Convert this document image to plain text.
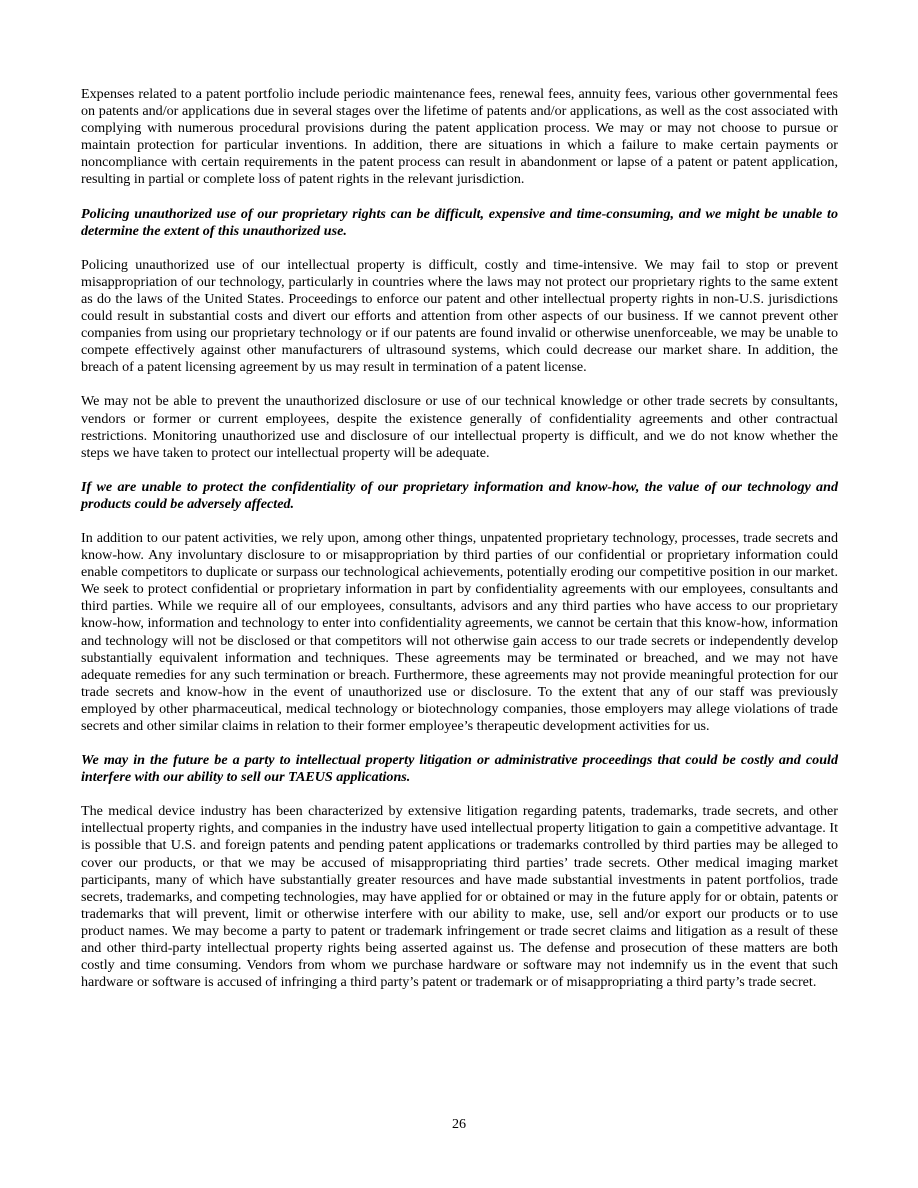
Expenses related to a patent portfolio include periodic maintenance fees, renewal fees, annuity fees, various other governmental fees on patents and/or applications due in several stages over the lifetime of patents and/or applications, as well as the cost associated with complying with numerous procedural provisions during the patent application process. We may or may not choose to pursue or maintain protection for particular inventions. In addition, there are situations in which a failure to make certain payments or noncompliance with certain requirements in the patent process can result in abandonment or lapse of a patent or patent application, resulting in partial or complete loss of patent rights in the relevant jurisdiction.

Policing unauthorized use of our proprietary rights can be difficult, expensive and time-consuming, and we might be unable to determine the extent of this unauthorized use.

Policing unauthorized use of our intellectual property is difficult, costly and time-intensive. We may fail to stop or prevent misappropriation of our technology, particularly in countries where the laws may not protect our proprietary rights to the same extent as do the laws of the United States. Proceedings to enforce our patent and other intellectual property rights in non-U.S. jurisdictions could result in substantial costs and divert our efforts and attention from other aspects of our business. If we cannot prevent other companies from using our proprietary technology or if our patents are found invalid or otherwise unenforceable, we may be unable to compete effectively against other manufacturers of ultrasound systems, which could decrease our market share. In addition, the breach of a patent licensing agreement by us may result in termination of a patent license.

We may not be able to prevent the unauthorized disclosure or use of our technical knowledge or other trade secrets by consultants, vendors or former or current employees, despite the existence generally of confidentiality agreements and other contractual restrictions. Monitoring unauthorized use and disclosure of our intellectual property is difficult, and we do not know whether the steps we have taken to protect our intellectual property will be adequate.

If we are unable to protect the confidentiality of our proprietary information and know-how, the value of our technology and products could be adversely affected.

In addition to our patent activities, we rely upon, among other things, unpatented proprietary technology, processes, trade secrets and know-how. Any involuntary disclosure to or misappropriation by third parties of our confidential or proprietary information could enable competitors to duplicate or surpass our technological achievements, potentially eroding our competitive position in our market. We seek to protect confidential or proprietary information in part by confidentiality agreements with our employees, consultants and third parties. While we require all of our employees, consultants, advisors and any third parties who have access to our proprietary know-how, information and technology to enter into confidentiality agreements, we cannot be certain that this know-how, information and technology will not be disclosed or that competitors will not otherwise gain access to our trade secrets or independently develop substantially equivalent information and techniques. These agreements may be terminated or breached, and we may not have adequate remedies for any such termination or breach. Furthermore, these agreements may not provide meaningful protection for our trade secrets and know-how in the event of unauthorized use or disclosure. To the extent that any of our staff was previously employed by other pharmaceutical, medical technology or biotechnology companies, those employers may allege violations of trade secrets and other similar claims in relation to their former employee’s therapeutic development activities for us.

We may in the future be a party to intellectual property litigation or administrative proceedings that could be costly and could interfere with our ability to sell our TAEUS applications.

The medical device industry has been characterized by extensive litigation regarding patents, trademarks, trade secrets, and other intellectual property rights, and companies in the industry have used intellectual property litigation to gain a competitive advantage. It is possible that U.S. and foreign patents and pending patent applications or trademarks controlled by third parties may be alleged to cover our products, or that we may be accused of misappropriating third parties’ trade secrets. Other medical imaging market participants, many of which have substantially greater resources and have made substantial investments in patent portfolios, trade secrets, trademarks, and competing technologies, may have applied for or obtained or may in the future apply for or obtain, patents or trademarks that will prevent, limit or otherwise interfere with our ability to make, use, sell and/or export our products or to use product names. We may become a party to patent or trademark infringement or trade secret claims and litigation as a result of these and other third-party intellectual property rights being asserted against us. The defense and prosecution of these matters are both costly and time consuming. Vendors from whom we purchase hardware or software may not indemnify us in the event that such hardware or software is accused of infringing a third party’s patent or trademark or of misappropriating a third party’s trade secret.

26
